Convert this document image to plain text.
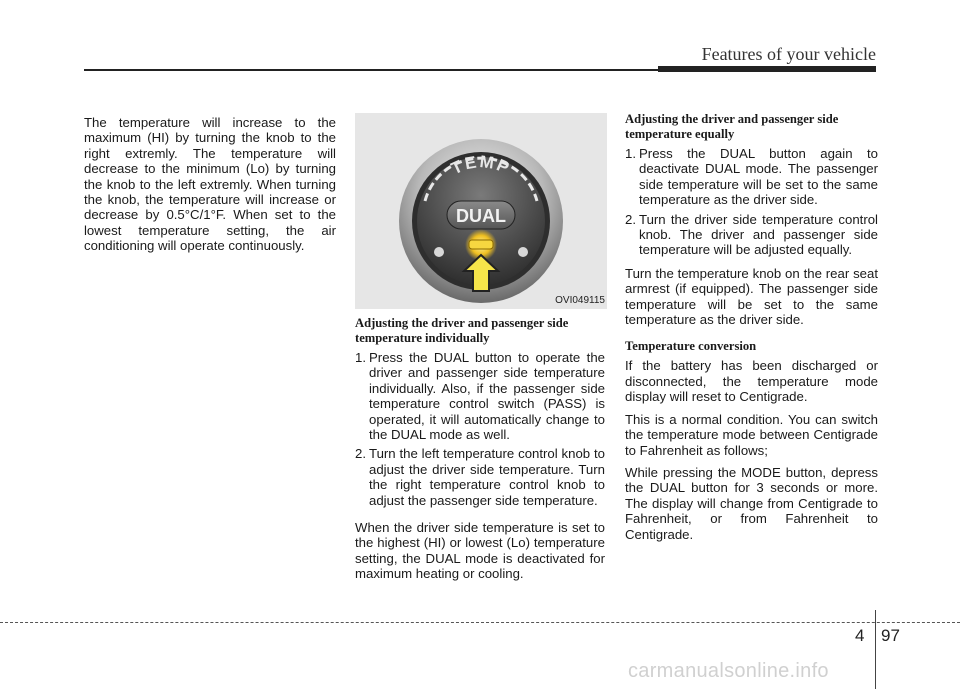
Features of your vehicle

The temperature will increase to the maximum (HI) by turning the knob to the right extremly. The temperature will decrease to the minimum (Lo) by turning the knob to the left extremly. When turning the knob, the temperature will increase or decrease by 0.5°C/1°F. When set to the lowest temperature setting, the air conditioning will operate continuously.

TEMP
DUAL
OVI049115
Adjusting the driver and passenger side temperature individually
1. Press the DUAL button to operate the driver and passenger side temperature individually. Also, if the passenger side temperature control switch (PASS) is operated, it will automatically change to the DUAL mode as well.
2. Turn the left temperature control knob to adjust the driver side temperature. Turn the right temperature control knob to adjust the passenger side temperature.

When the driver side temperature is set to the highest (HI) or lowest (Lo) temperature setting, the DUAL mode is deactivated for maximum heating or cooling.

Adjusting the driver and passenger side temperature equally
1. Press the DUAL button again to deactivate DUAL mode. The passenger side temperature will be set to the same temperature as the driver side.
2. Turn the driver side temperature control knob. The driver and passenger side temperature will be adjusted equally.

Turn the temperature knob on the rear seat armrest (if equipped). The passenger side temperature will be set to the same temperature as the driver side.

Temperature conversion

If the battery has been discharged or disconnected, the temperature mode display will reset to Centigrade.

This is a normal condition. You can switch the temperature mode between Centigrade to Fahrenheit as follows;

While pressing the MODE button, depress the DUAL button for 3 seconds or more. The display will change from Centigrade to Fahrenheit, or from Fahrenheit to Centigrade.

4 97
carmanualsonline.info
